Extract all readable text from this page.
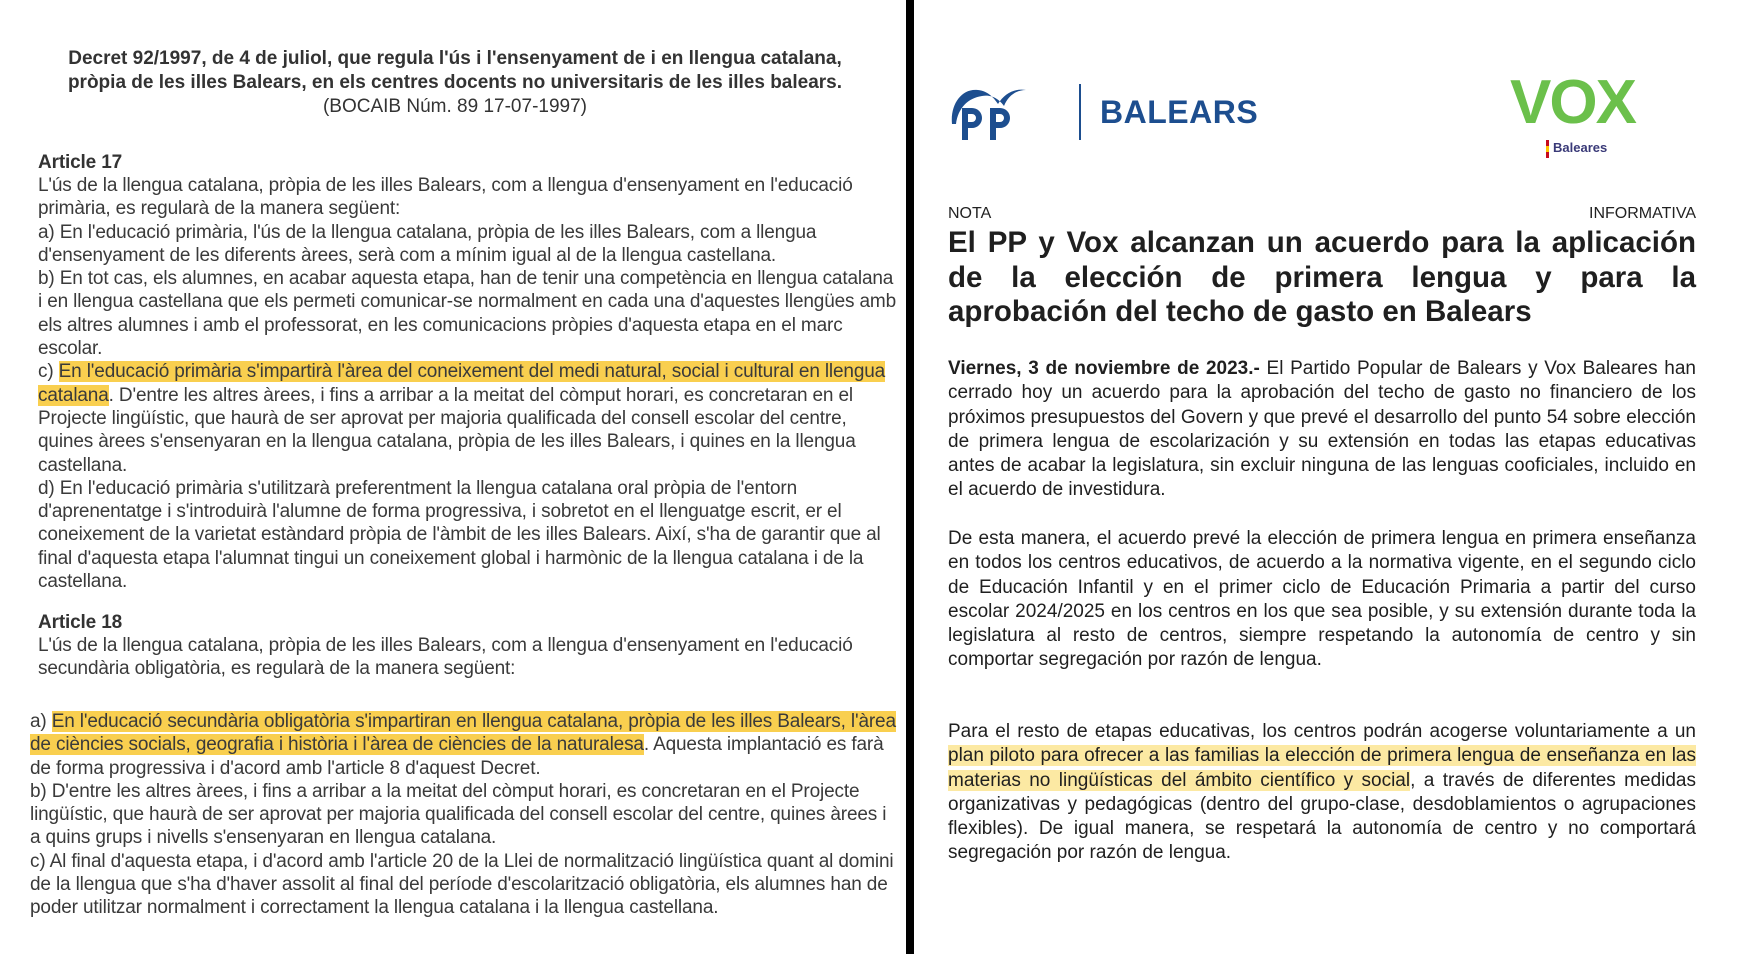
Decret 92/1997, de 4 de juliol, que regula l'ús i l'ensenyament de i en llengua catalana,
pròpia de les illes Balears, en els centres docents no universitaris de les illes balears.
(BOCAIB Núm. 89 17-07-1997)
Article 17

L'ús de la llengua catalana, pròpia de les illes Balears, com a llengua d'ensenyament en l'educació primària, es regularà de la manera següent:

a) En l'educació primària, l'ús de la llengua catalana, pròpia de les illes Balears, com a llengua d'ensenyament de les diferents àrees, serà com a mínim igual al de la llengua castellana.

b) En tot cas, els alumnes, en acabar aquesta etapa, han de tenir una competència en llengua catalana i en llengua castellana que els permeti comunicar-se normalment en cada una d'aquestes llengües amb els altres alumnes i amb el professorat, en les comunicacions pròpies d'aquesta etapa en el marc escolar.

c) En l'educació primària s'impartirà l'àrea del coneixement del medi natural, social i cultural en llengua catalana. D'entre les altres àrees, i fins a arribar a la meitat del còmput horari, es concretaran en el Projecte lingüístic, que haurà de ser aprovat per majoria qualificada del consell escolar del centre, quines àrees s'ensenyaran en la llengua catalana, pròpia de les illes Balears, i quines en la llengua castellana.

d) En l'educació primària s'utilitzarà preferentment la llengua catalana oral pròpia de l'entorn d'aprenentatge i s'introduirà l'alumne de forma progressiva, i sobretot en el llenguatge escrit, er el coneixement de la varietat estàndard pròpia de l'àmbit de les illes Balears. Així, s'ha de garantir que al final d'aquesta etapa l'alumnat tingui un coneixement global i harmònic de la llengua catalana i de la castellana.

Article 18

L'ús de la llengua catalana, pròpia de les illes Balears, com a llengua d'ensenyament en l'educació secundària obligatòria, es regularà de la manera següent:

a) En l'educació secundària obligatòria s'impartiran en llengua catalana, pròpia de les illes Balears, l'àrea de ciències socials, geografia i història i l'àrea de ciències de la naturalesa. Aquesta implantació es farà de forma progressiva i d'acord amb l'article 8 d'aquest Decret.

b) D'entre les altres àrees, i fins a arribar a la meitat del còmput horari, es concretaran en el Projecte lingüístic, que haurà de ser aprovat per majoria qualificada del consell escolar del centre, quines àrees i a quins grups i nivells s'ensenyaran en llengua catalana.

c) Al final d'aquesta etapa, i d'acord amb l'article 20 de la Llei de normalització lingüística quant al domini de la llengua que s'ha d'haver assolit al final del període d'escolarització obligatòria, els alumnes han de poder utilitzar normalment i correctament la llengua catalana i la llengua castellana.

BALEARS	VOX
Baleares
NOTA	INFORMATIVA
El PP y Vox alcanzan un acuerdo para la aplicación de la elección de primera lengua y para la aprobación del techo de gasto en Balears

Viernes, 3 de noviembre de 2023.- El Partido Popular de Balears y Vox Baleares han cerrado hoy un acuerdo para la aprobación del techo de gasto no financiero de los próximos presupuestos del Govern y que prevé el desarrollo del punto 54 sobre elección de primera lengua de escolarización y su extensión en todas las etapas educativas antes de acabar la legislatura, sin excluir ninguna de las lenguas cooficiales, incluido en el acuerdo de investidura.

De esta manera, el acuerdo prevé la elección de primera lengua en primera enseñanza en todos los centros educativos, de acuerdo a la normativa vigente, en el segundo ciclo de Educación Infantil y en el primer ciclo de Educación Primaria a partir del curso escolar 2024/2025 en los centros en los que sea posible, y su extensión durante toda la legislatura al resto de centros, siempre respetando la autonomía de centro y sin comportar segregación por razón de lengua.

Para el resto de etapas educativas, los centros podrán acogerse voluntariamente a un plan piloto para ofrecer a las familias la elección de primera lengua de enseñanza en las materias no lingüísticas del ámbito científico y social, a través de diferentes medidas organizativas y pedagógicas (dentro del grupo-clase, desdoblamientos o agrupaciones flexibles). De igual manera, se respetará la autonomía de centro y no comportará segregación por razón de lengua.
